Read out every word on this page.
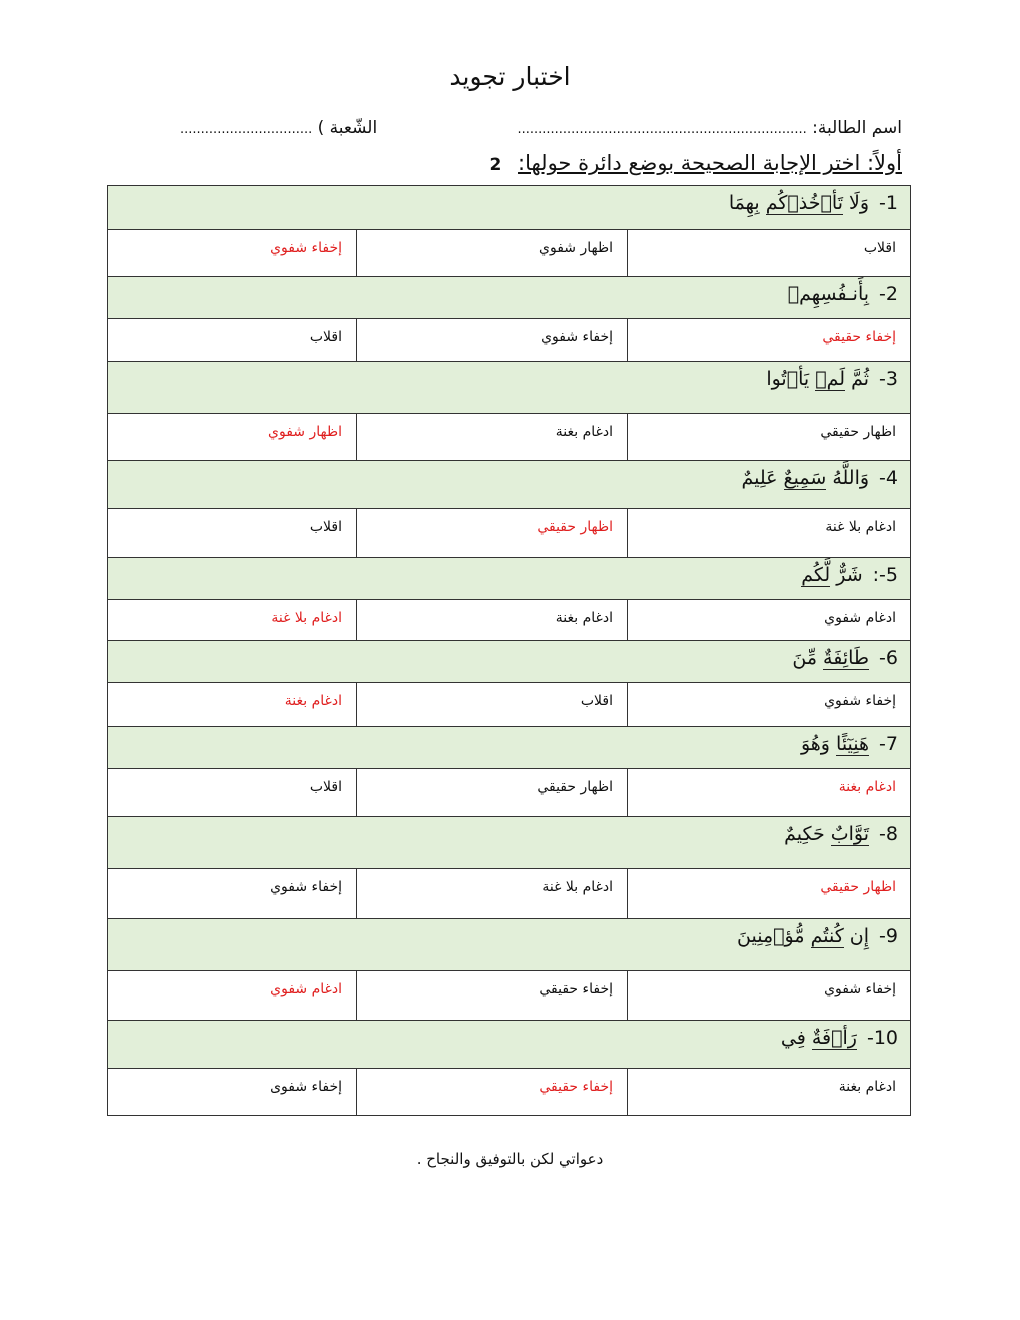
اختبار تجويد
اسم الطالبة: ......................................................................
الشّعبة ) ................................
أولاً: اختر الإجابة الصحيحة بوضع دائرة حولها: 2
1-وَلَا تَأۡخُذۡكُم بِهِمَا
اقلاب
اظهار شفوي
إخفاء شفوي
2-بِأَنـفُسِهِمۡ
إخفاء حقيقي
إخفاء شفوي
اقلاب
3-ثُمَّ لَمۡ يَأۡتُوا
اظهار حقيقي
ادغام بغنة
اظهار شفوي
4-وَاللَّهُ سَمِيعٌ عَلِيمٌ
ادغام بلا غنة
اظهار حقيقي
اقلاب
5-:شَرٌّ لَّكُم
ادغام شفوي
ادغام بغنة
ادغام بلا غنة
6-طَائِفَةٌ مِّنَ
إخفاء شفوي
اقلاب
ادغام بغنة
7-هَنِيٓئًا وَهُوَ
ادغام بغنة
اظهار حقيقي
اقلاب
8-تَوَّابٌ حَكِيمٌ
اظهار حقيقي
ادغام بلا غنة
إخفاء شفوي
9-إِن كُنتُم مُّؤۡمِنِينَ
إخفاء شفوي
إخفاء حقيقي
ادغام شفوي
10-رَأۡفَةٌ فِي
ادغام بغنة
إخفاء حقيقي
إخفاء شفوى
دعواتي لكن بالتوفيق والنجاح .
